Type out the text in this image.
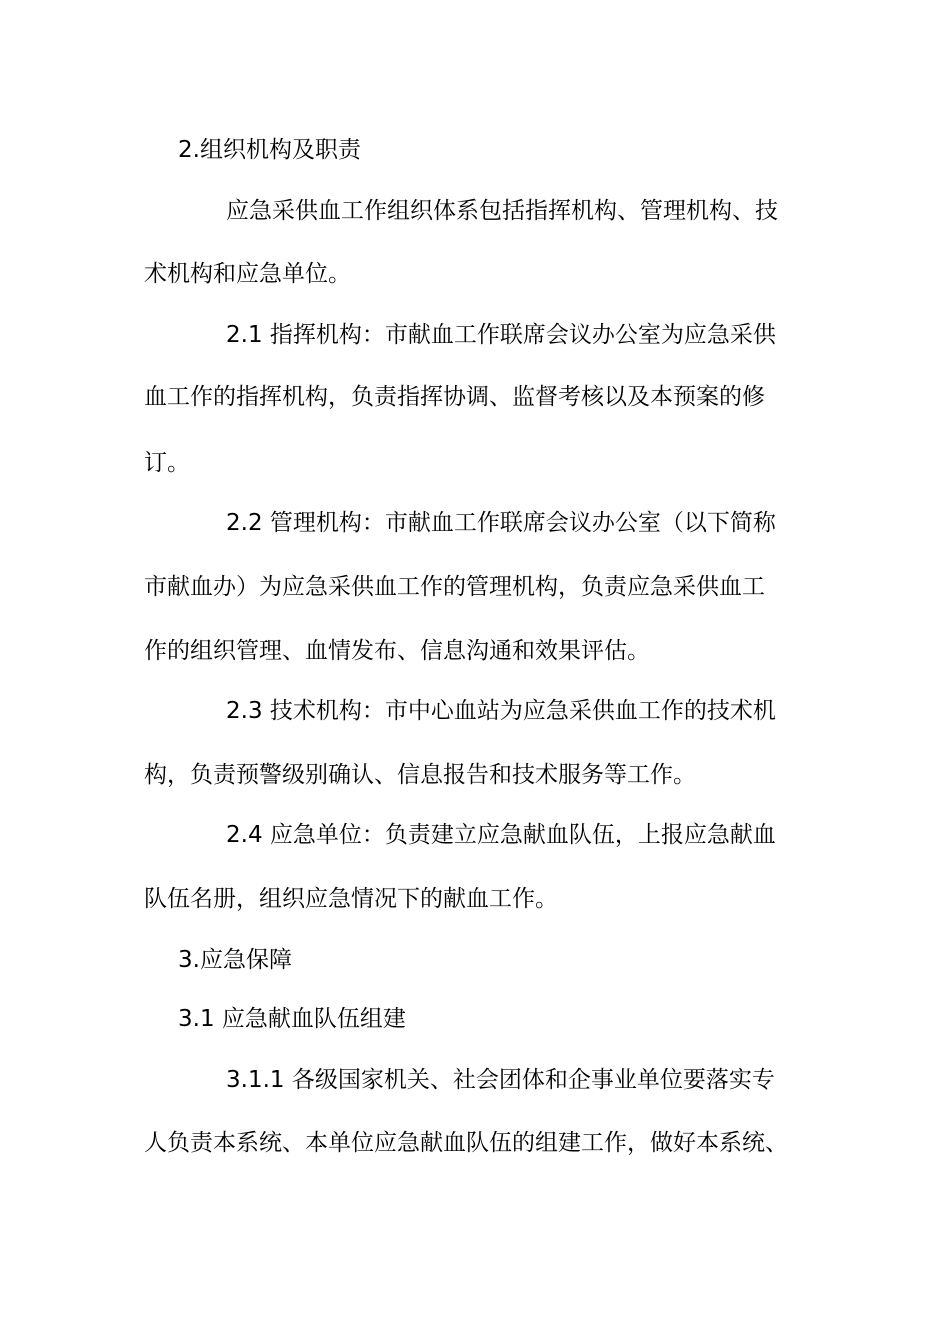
2.组织机构及职责
应急采供血工作组织体系包括指挥机构、管理机构、技
术机构和应急单位。
2.1 指挥机构：市献血工作联席会议办公室为应急采供
血工作的指挥机构，负责指挥协调、监督考核以及本预案的修
订。
2.2 管理机构：市献血工作联席会议办公室（以下简称
市献血办）为应急采供血工作的管理机构，负责应急采供血工
作的组织管理、血情发布、信息沟通和效果评估。
2.3 技术机构：市中心血站为应急采供血工作的技术机
构，负责预警级别确认、信息报告和技术服务等工作。
2.4 应急单位：负责建立应急献血队伍，上报应急献血
队伍名册，组织应急情况下的献血工作。
3.应急保障
3.1 应急献血队伍组建
3.1.1 各级国家机关、社会团体和企事业单位要落实专
人负责本系统、本单位应急献血队伍的组建工作，做好本系统、
